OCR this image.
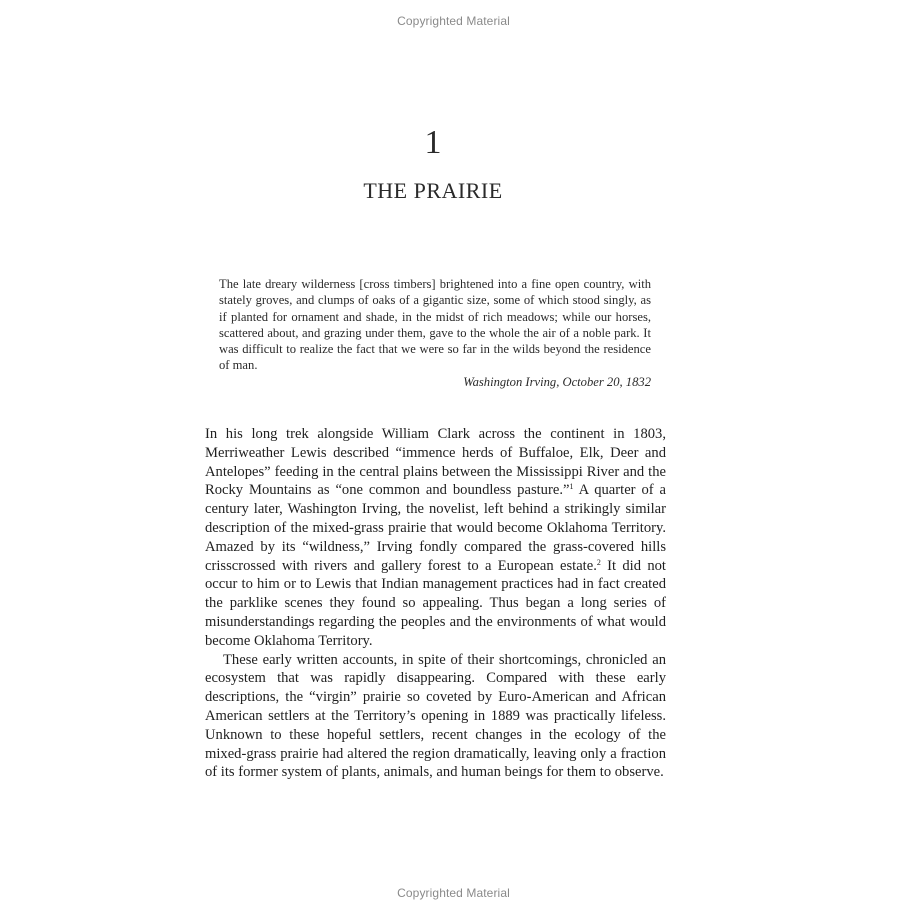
Copyrighted Material
1
THE PRAIRIE
The late dreary wilderness [cross timbers] brightened into a fine open country, with stately groves, and clumps of oaks of a gigantic size, some of which stood singly, as if planted for ornament and shade, in the midst of rich meadows; while our horses, scattered about, and grazing under them, gave to the whole the air of a noble park. It was difficult to realize the fact that we were so far in the wilds beyond the residence of man.
Washington Irving, October 20, 1832

In his long trek alongside William Clark across the continent in 1803, Merriweather Lewis described “immence herds of Buffaloe, Elk, Deer and Antelopes” feeding in the central plains between the Mississippi River and the Rocky Mountains as “one common and boundless pasture.”$^1$ A quarter of a century later, Washington Irving, the novelist, left behind a strikingly similar description of the mixed-grass prairie that would become Oklahoma Territory. Amazed by its “wildness,” Irving fondly compared the grass-covered hills crisscrossed with rivers and gallery forest to a European estate.$^2$ It did not occur to him or to Lewis that Indian management practices had in fact created the parklike scenes they found so appealing. Thus began a long series of misunderstandings regarding the peoples and the environments of what would become Oklahoma Territory.

These early written accounts, in spite of their shortcomings, chronicled an ecosystem that was rapidly disappearing. Compared with these early descriptions, the “virgin” prairie so coveted by Euro-American and African American settlers at the Territory’s opening in 1889 was practically lifeless. Unknown to these hopeful settlers, recent changes in the ecology of the mixed-grass prairie had altered the region dramatically, leaving only a fraction of its former system of plants, animals, and human beings for them to observe.

Copyrighted Material
